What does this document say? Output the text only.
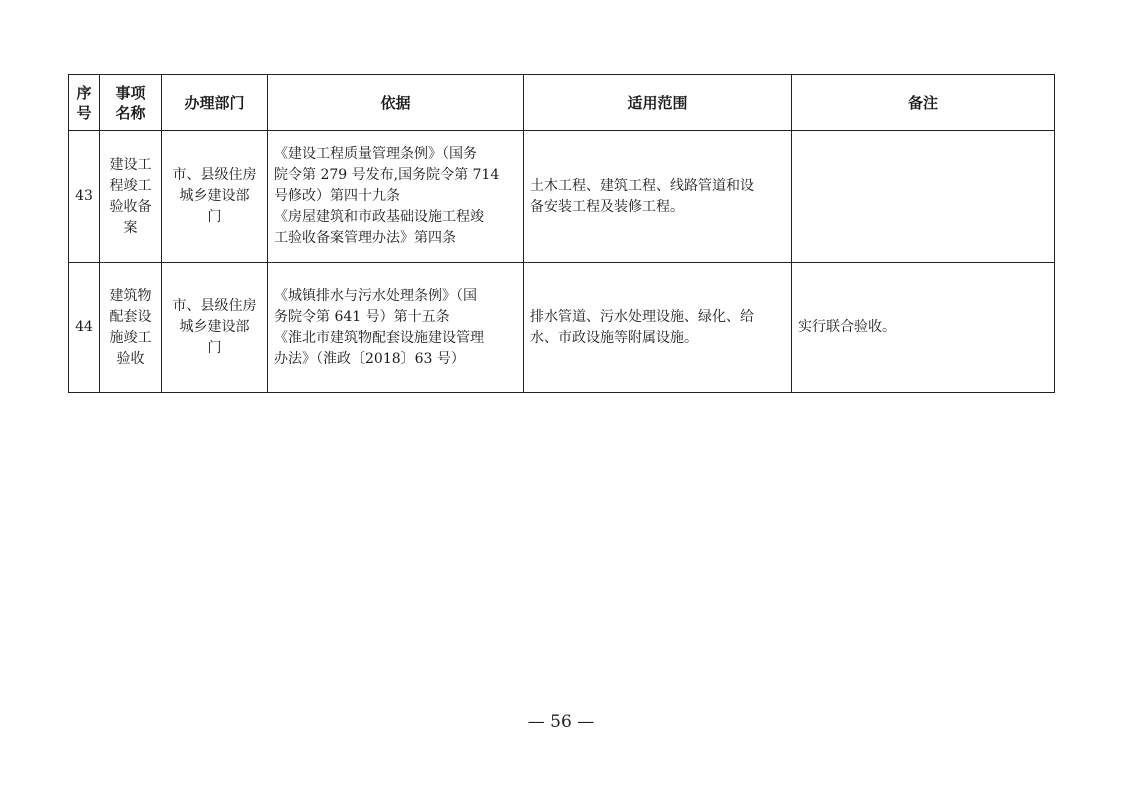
序
号	事项
名称	办理部门	依据	适用范围	备注

43	建设工
程竣工
验收备
案	市、县级住房
城乡建设部
门	《建设工程质量管理条例》（国务
院令第 279 号发布,国务院令第 714
号修改）第四十九条
《房屋建筑和市政基础设施工程竣
工验收备案管理办法》第四条	土木工程、建筑工程、线路管道和设
备安装工程及装修工程。	

44	建筑物
配套设
施竣工
验收	市、县级住房
城乡建设部
门	《城镇排水与污水处理条例》（国
务院令第 641 号）第十五条
《淮北市建筑物配套设施建设管理
办法》（淮政〔2018〕63 号）	排水管道、污水处理设施、绿化、给
水、市政设施等附属设施。	实行联合验收。
— 56 —
